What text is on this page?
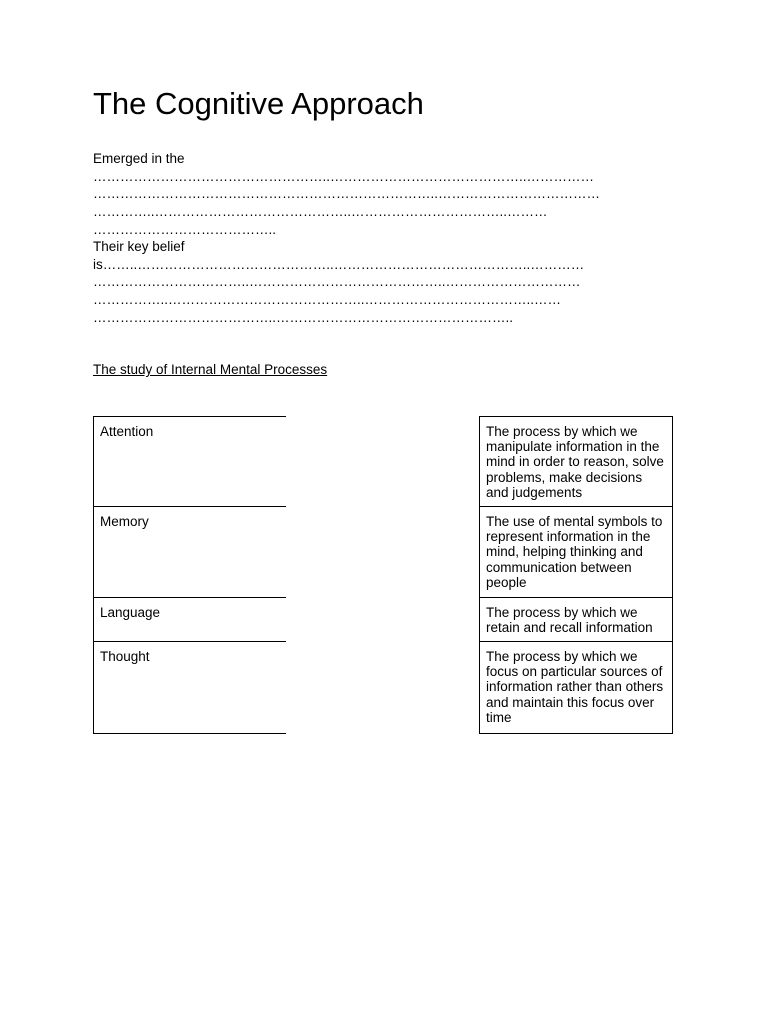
The Cognitive Approach
Emerged in the
……………………………………………..……………………………………..……………
…………………………………………………………………..………………………………
…………..……………………………………..……………………………..………
…………………………………..
Their key belief
is……..……………………………………..……………………………………..…………
……………………………..……………………………………..…………………………
……………..……………………………………..………………………………..……
…………………………………..……………………………………………..
The study of Internal Mental Processes
Attention
Memory
Language
Thought
The process by which we manipulate information in the mind in order to reason, solve problems, make decisions and judgements
The use of mental symbols to represent information in the mind, helping thinking and communication between people
The process by which we retain and recall information
The process by which we focus on particular sources of information rather than others and maintain this focus over time
